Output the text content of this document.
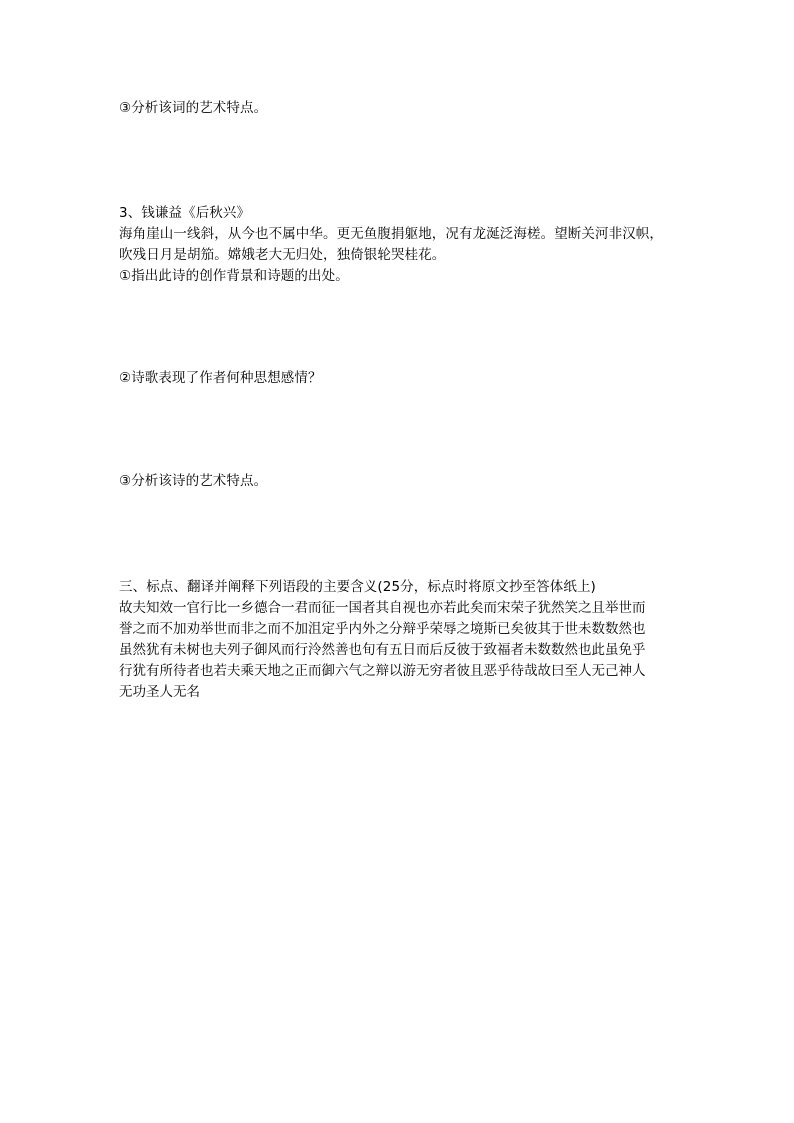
③分析该词的艺术特点。
3、钱谦益《后秋兴》
海角崖山一线斜，从今也不属中华。更无鱼腹捐躯地，况有龙涎泛海槎。望断关河非汉帜，
吹残日月是胡笳。嫦娥老大无归处，独倚银轮哭桂花。
①指出此诗的创作背景和诗题的出处。
②诗歌表现了作者何种思想感情？
③分析该诗的艺术特点。
三、标点、翻译并阐释下列语段的主要含义(25分，标点时将原文抄至答体纸上)
故夫知效一官行比一乡德合一君而征一国者其自视也亦若此矣而宋荣子犹然笑之且举世而
誉之而不加劝举世而非之而不加沮定乎内外之分辩乎荣辱之境斯已矣彼其于世未数数然也
虽然犹有未树也夫列子御风而行泠然善也旬有五日而后反彼于致福者未数数然也此虽免乎
行犹有所待者也若夫乘天地之正而御六气之辩以游无穷者彼且恶乎待哉故曰至人无己神人
无功圣人无名
